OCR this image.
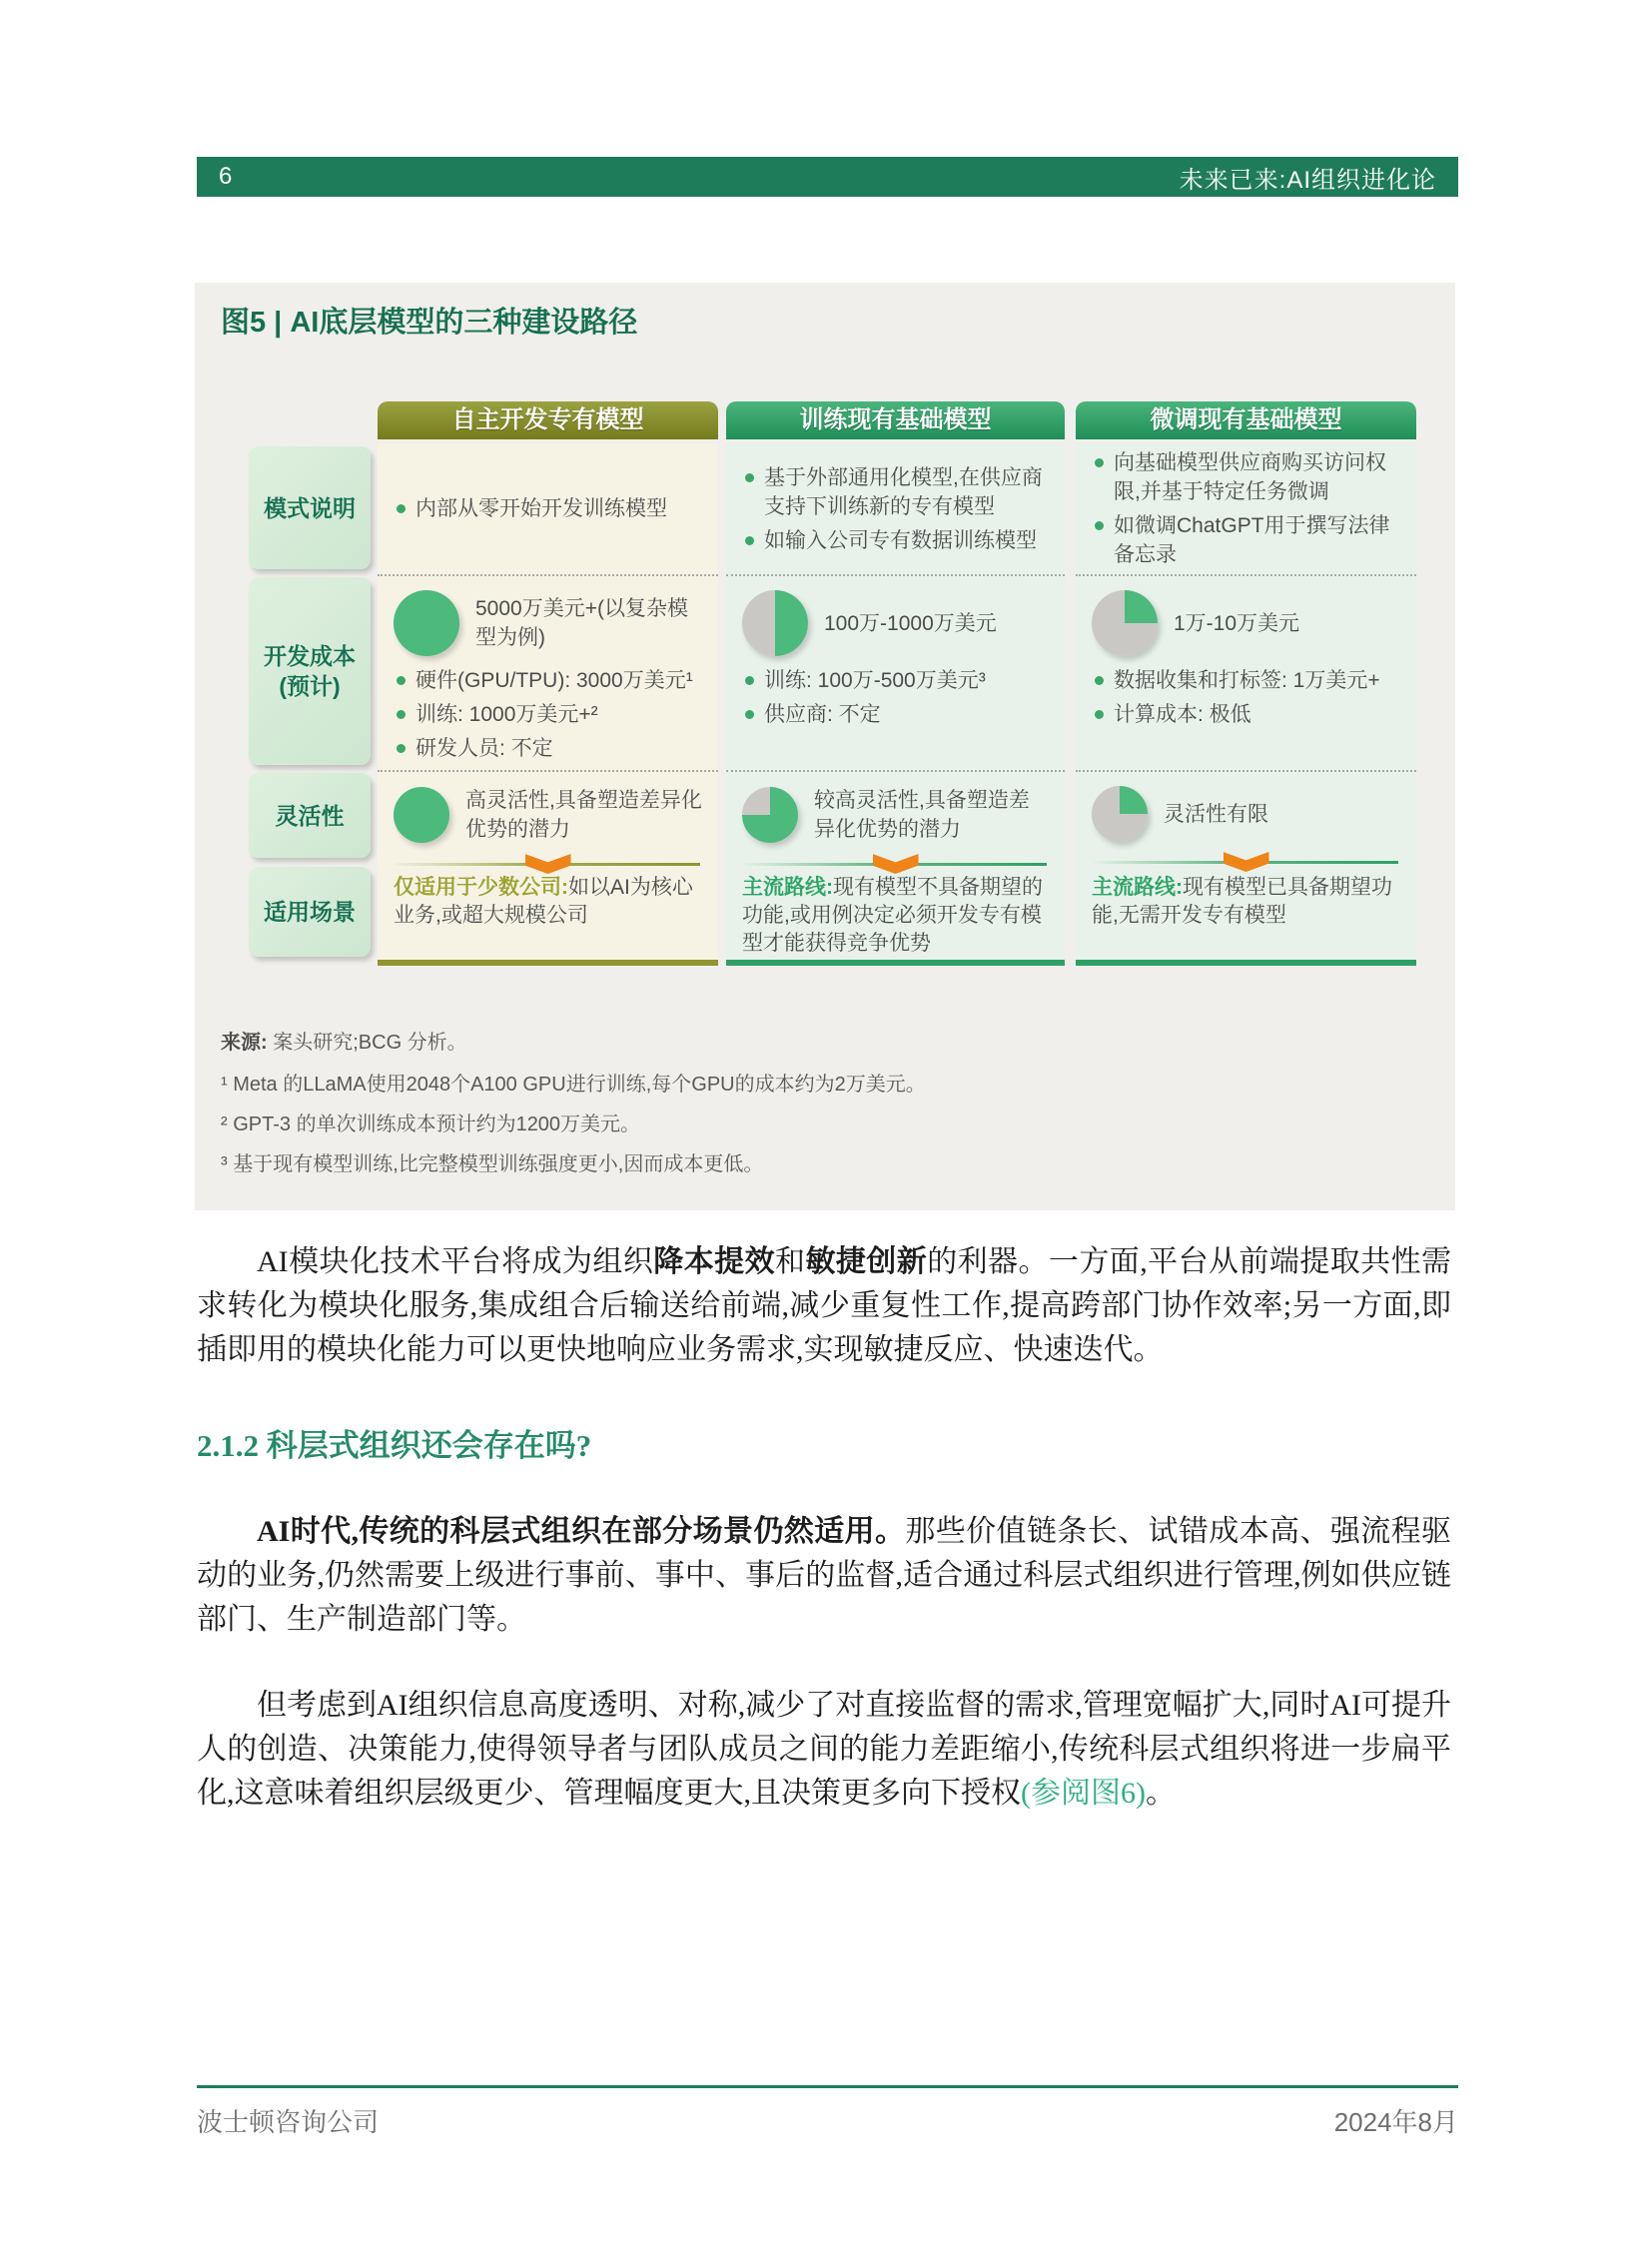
6	未来已来:AI组织进化论
图5 | AI底层模型的三种建设路径
模式说明
开发成本
(预计)
灵活性
适用场景
自主开发专有模型
内部从零开始开发训练模型
5000万美元+(以复杂模型为例)
硬件(GPU/TPU): 3000万美元¹
训练: 1000万美元+²
研发人员: 不定
高灵活性,具备塑造差异化优势的潜力
仅适用于少数公司:如以AI为核心业务,或超大规模公司
训练现有基础模型
基于外部通用化模型,在供应商支持下训练新的专有模型
如输入公司专有数据训练模型
100万-1000万美元
训练: 100万-500万美元³
供应商: 不定
较高灵活性,具备塑造差异化优势的潜力
主流路线:现有模型不具备期望的功能,或用例决定必须开发专有模型才能获得竞争优势
微调现有基础模型
向基础模型供应商购买访问权限,并基于特定任务微调
如微调ChatGPT用于撰写法律备忘录
1万-10万美元
数据收集和打标签: 1万美元+
计算成本: 极低
灵活性有限
主流路线:现有模型已具备期望功能,无需开发专有模型
来源: 案头研究;BCG 分析。
¹ Meta 的LLaMA使用2048个A100 GPU进行训练,每个GPU的成本约为2万美元。
² GPT-3 的单次训练成本预计约为1200万美元。
³ 基于现有模型训练,比完整模型训练强度更小,因而成本更低。

AI模块化技术平台将成为组织降本提效和敏捷创新的利器。一方面,平台从前端提取共性需求转化为模块化服务,集成组合后输送给前端,减少重复性工作,提高跨部门协作效率;另一方面,即插即用的模块化能力可以更快地响应业务需求,实现敏捷反应、快速迭代。

2.1.2 科层式组织还会存在吗?

AI时代,传统的科层式组织在部分场景仍然适用。那些价值链条长、试错成本高、强流程驱动的业务,仍然需要上级进行事前、事中、事后的监督,适合通过科层式组织进行管理,例如供应链部门、生产制造部门等。

但考虑到AI组织信息高度透明、对称,减少了对直接监督的需求,管理宽幅扩大,同时AI可提升人的创造、决策能力,使得领导者与团队成员之间的能力差距缩小,传统科层式组织将进一步扁平化,这意味着组织层级更少、管理幅度更大,且决策更多向下授权(参阅图6)。

波士顿咨询公司	2024年8月
